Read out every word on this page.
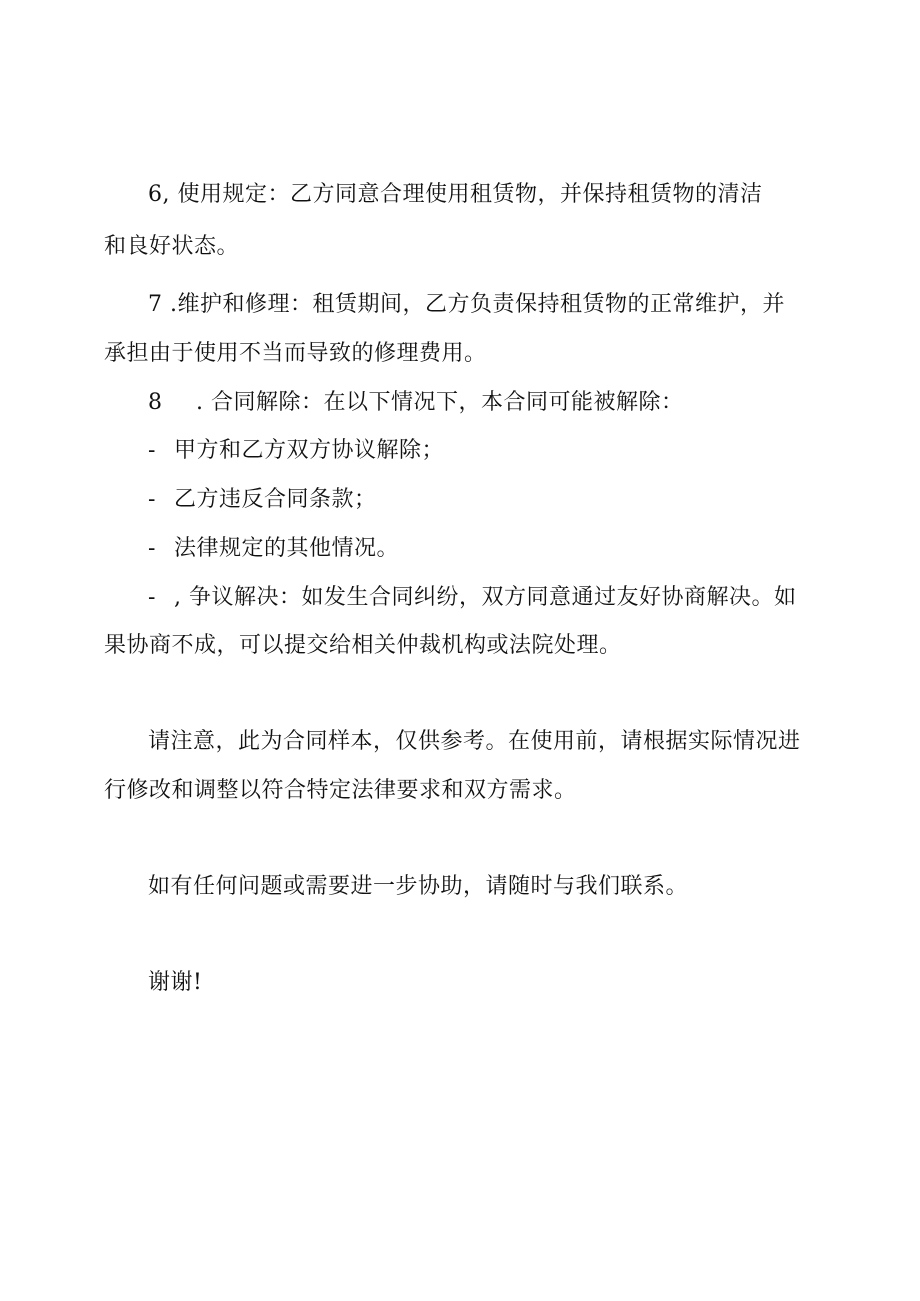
6, 使用规定：乙方同意合理使用租赁物，并保持租赁物的清洁
和良好状态。
7 .维护和修理：租赁期间，乙方负责保持租赁物的正常维护，并
承担由于使用不当而导致的修理费用。
8 . 合同解除：在以下情况下，本合同可能被解除：
- 甲方和乙方双方协议解除；
- 乙方违反合同条款；
- 法律规定的其他情况。
- , 争议解决：如发生合同纠纷，双方同意通过友好协商解决。如
果协商不成，可以提交给相关仲裁机构或法院处理。
请注意，此为合同样本，仅供参考。在使用前，请根据实际情况进
行修改和调整以符合特定法律要求和双方需求。
如有任何问题或需要进一步协助，请随时与我们联系。
谢谢!
